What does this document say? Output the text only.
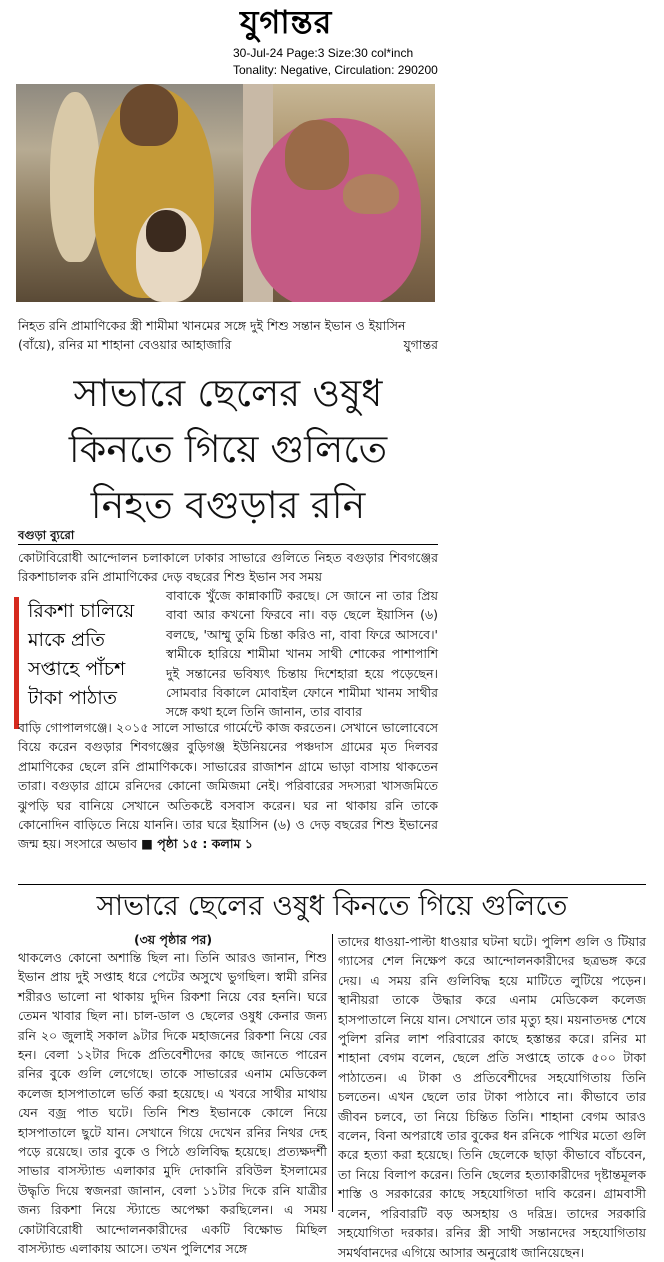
যুগান্তর
30-Jul-24 Page:3 Size:30 col*inch
Tonality: Negative, Circulation: 290200
নিহত রনি প্রামাণিকের স্ত্রী শামীমা খানমের সঙ্গে দুই শিশু সন্তান ইভান ও ইয়াসিন (বাঁয়ে), রনির মা শাহানা বেওয়ার আহাজারি	যুগান্তর
সাভারে ছেলের ওষুধ
কিনতে গিয়ে গুলিতে
নিহত বগুড়ার রনি
বগুড়া ব্যুরো

কোটাবিরোধী আন্দোলন চলাকালে ঢাকার সাভারে গুলিতে নিহত বগুড়ার শিবগঞ্জের রিকশাচালক রনি প্রামাণিকের দেড় বছরের শিশু ইভান সব সময়

রিকশা চালিয়ে মাকে প্রতি সপ্তাহে পাঁচশ টাকা পাঠাত

বাবাকে খুঁজে কান্নাকাটি করছে। সে জানে না তার প্রিয় বাবা আর কখনো ফিরবে না। বড় ছেলে ইয়াসিন (৬) বলছে, 'আম্মু তুমি চিন্তা করিও না, বাবা ফিরে আসবে।' স্বামীকে হারিয়ে শামীমা খানম সাথী শোকের পাশাপাশি দুই সন্তানের ভবিষ্যৎ চিন্তায় দিশেহারা হয়ে পড়েছেন। সোমবার বিকালে মোবাইল ফোনে শামীমা খানম সাথীর সঙ্গে কথা হলে তিনি জানান, তার বাবার

বাড়ি গোপালগঞ্জে। ২০১৫ সালে সাভারে গার্মেন্টে কাজ করতেন। সেখানে ভালোবেসে বিয়ে করেন বগুড়ার শিবগঞ্জের বুড়িগঞ্জ ইউনিয়নের পঞ্চদাস গ্রামের মৃত দিলবর প্রামাণিকের ছেলে রনি প্রামাণিককে। সাভারের রাজাশন গ্রামে ভাড়া বাসায় থাকতেন তারা। বগুড়ার গ্রামে রনিদের কোনো জমিজমা নেই। পরিবারের সদস্যরা খাসজমিতে ঝুপড়ি ঘর বানিয়ে সেখানে অতিকষ্টে বসবাস করেন। ঘর না থাকায় রনি তাকে কোনোদিন বাড়িতে নিয়ে যাননি। তার ঘরে ইয়াসিন (৬) ও দেড় বছরের শিশু ইভানের জন্ম হয়। সংসারে অভাব ■ পৃষ্ঠা ১৫ : কলাম ১

সাভারে ছেলের ওষুধ কিনতে গিয়ে গুলিতে
(৩য় পৃষ্ঠার পর)

থাকলেও কোনো অশান্তি ছিল না। তিনি আরও জানান, শিশু ইভান প্রায় দুই সপ্তাহ ধরে পেটের অসুখে ভুগছিল। স্বামী রনির শরীরও ভালো না থাকায় দুদিন রিকশা নিয়ে বের হননি। ঘরে তেমন খাবার ছিল না। চাল-ডাল ও ছেলের ওষুধ কেনার জন্য রনি ২০ জুলাই সকাল ৯টার দিকে মহাজনের রিকশা নিয়ে বের হন। বেলা ১২টার দিকে প্রতিবেশীদের কাছে জানতে পারেন রনির বুকে গুলি লেগেছে। তাকে সাভারের এনাম মেডিকেল কলেজ হাসপাতালে ভর্তি করা হয়েছে। এ খবরে সাথীর মাথায় যেন বজ্র পাত ঘটে। তিনি শিশু ইভানকে কোলে নিয়ে হাসপাতালে ছুটে যান। সেখানে গিয়ে দেখেন রনির নিথর দেহ পড়ে রয়েছে। তার বুকে ও পিঠে গুলিবিদ্ধ হয়েছে। প্রত্যক্ষদর্শী সাভার বাসস্ট্যান্ড এলাকার মুদি দোকানি রবিউল ইসলামের উদ্ধৃতি দিয়ে স্বজনরা জানান, বেলা ১১টার দিকে রনি যাত্রীর জন্য রিকশা নিয়ে স্ট্যান্ডে অপেক্ষা করছিলেন। এ সময় কোটাবিরোধী আন্দোলনকারীদের একটি বিক্ষোভ মিছিল বাসস্ট্যান্ড এলাকায় আসে। তখন পুলিশের সঙ্গে

তাদের ধাওয়া-পাল্টা ধাওয়ার ঘটনা ঘটে। পুলিশ গুলি ও টিয়ার গ্যাসের শেল নিক্ষেপ করে আন্দোলনকারীদের ছত্রভঙ্গ করে দেয়। এ সময় রনি গুলিবিদ্ধ হয়ে মাটিতে লুটিয়ে পড়েন। স্থানীয়রা তাকে উদ্ধার করে এনাম মেডিকেল কলেজ হাসপাতালে নিয়ে যান। সেখানে তার মৃত্যু হয়। ময়নাতদন্ত শেষে পুলিশ রনির লাশ পরিবারের কাছে হস্তান্তর করে। রনির মা শাহানা বেগম বলেন, ছেলে প্রতি সপ্তাহে তাকে ৫০০ টাকা পাঠাতেন। এ টাকা ও প্রতিবেশীদের সহযোগিতায় তিনি চলতেন। এখন ছেলে তার টাকা পাঠাবে না। কীভাবে তার জীবন চলবে, তা নিয়ে চিন্তিত তিনি। শাহানা বেগম আরও বলেন, বিনা অপরাধে তার বুকের ধন রনিকে পাখির মতো গুলি করে হত্যা করা হয়েছে। তিনি ছেলেকে ছাড়া কীভাবে বাঁচবেন, তা নিয়ে বিলাপ করেন। তিনি ছেলের হত্যাকারীদের দৃষ্টান্তমূলক শাস্তি ও সরকারের কাছে সহযোগিতা দাবি করেন। গ্রামবাসী বলেন, পরিবারটি বড় অসহায় ও দরিদ্র। তাদের সরকারি সহযোগিতা দরকার। রনির স্ত্রী সাথী সন্তানদের সহযোগিতায় সমর্থবানদের এগিয়ে আসার অনুরোধ জানিয়েছেন।
